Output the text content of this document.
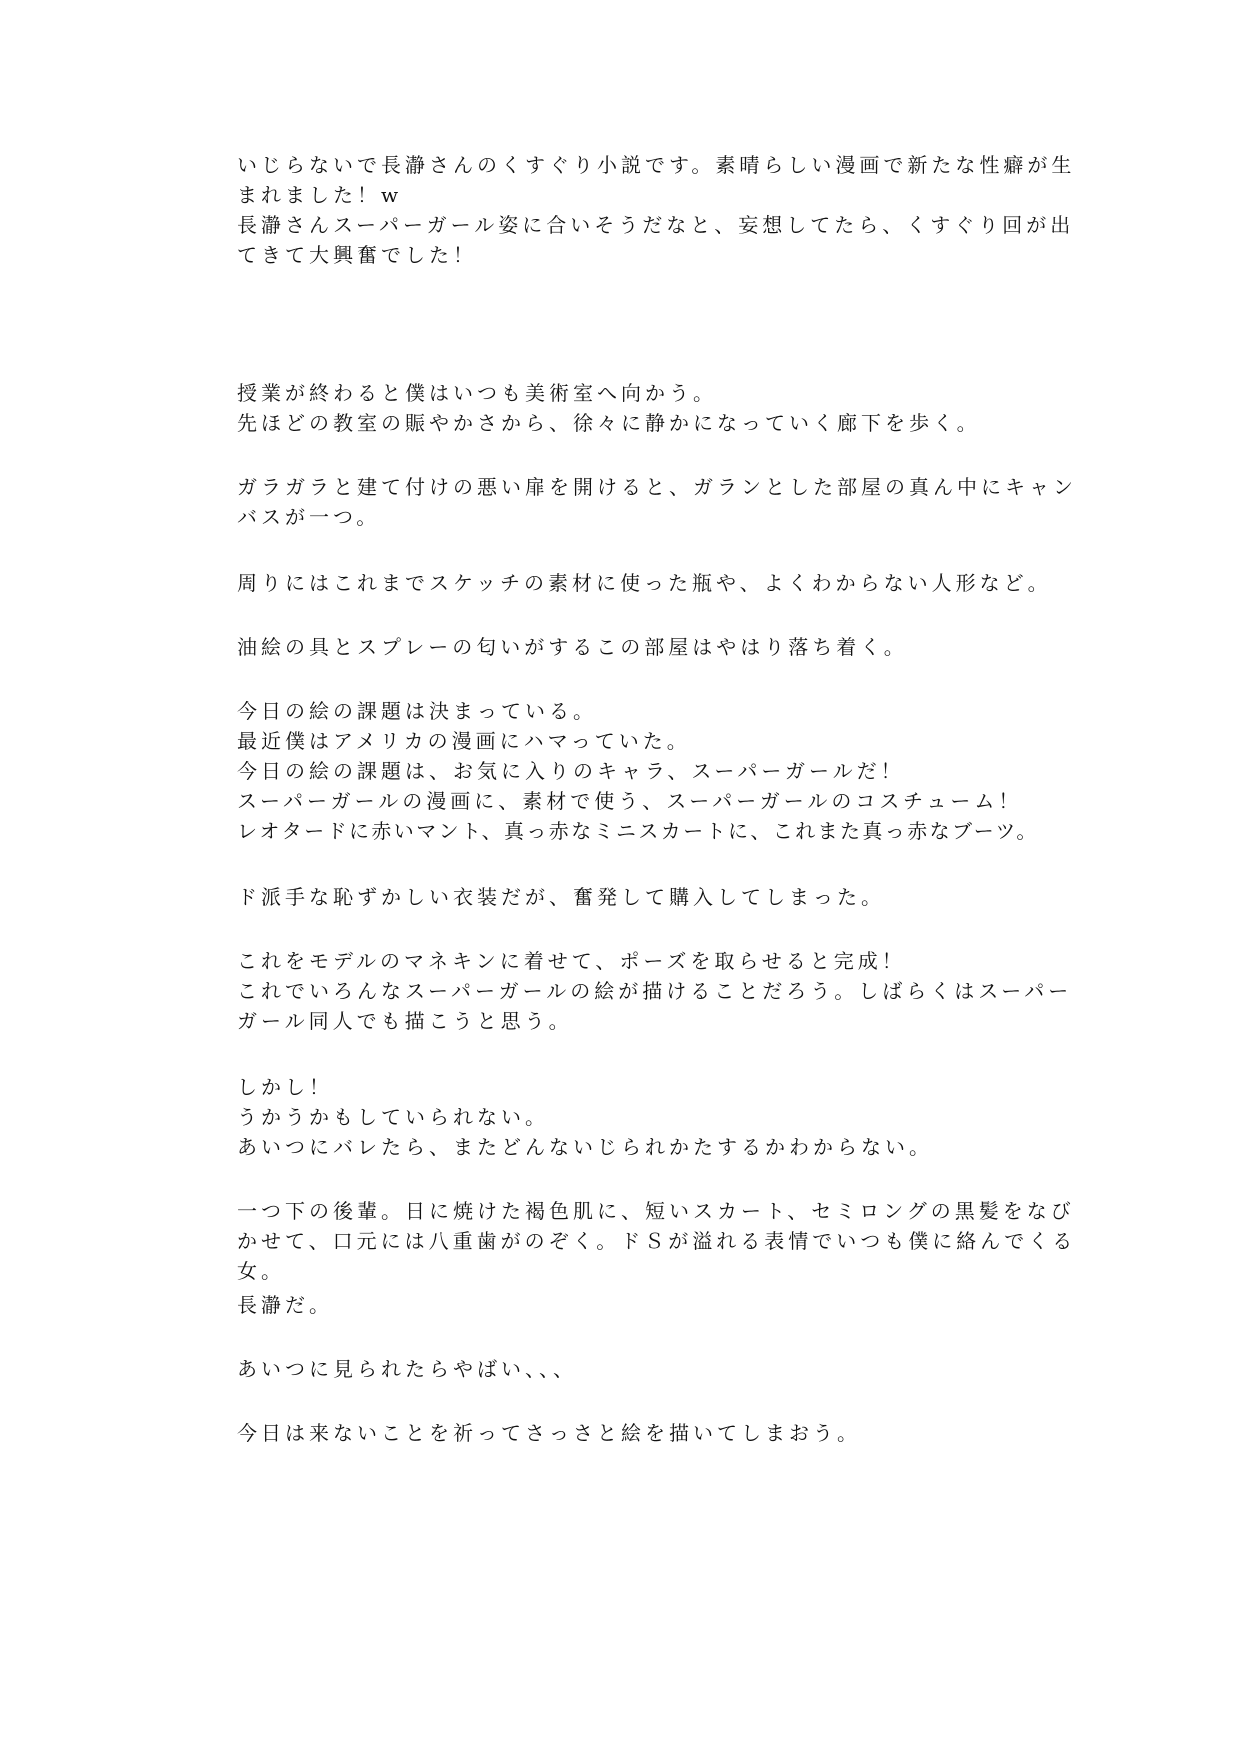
いじらないで長瀞さんのくすぐり小説です。素晴らしい漫画で新たな性癖が生
まれました！w
長瀞さんスーパーガール姿に合いそうだなと、妄想してたら、くすぐり回が出
てきて大興奮でした！
授業が終わると僕はいつも美術室へ向かう。
先ほどの教室の賑やかさから、徐々に静かになっていく廊下を歩く。
ガラガラと建て付けの悪い扉を開けると、ガランとした部屋の真ん中にキャン
バスが一つ。
周りにはこれまでスケッチの素材に使った瓶や、よくわからない人形など。
油絵の具とスプレーの匂いがするこの部屋はやはり落ち着く。
今日の絵の課題は決まっている。
最近僕はアメリカの漫画にハマっていた。
今日の絵の課題は、お気に入りのキャラ、スーパーガールだ！
スーパーガールの漫画に、素材で使う、スーパーガールのコスチューム！
レオタードに赤いマント、真っ赤なミニスカートに、これまた真っ赤なブーツ。
ド派手な恥ずかしい衣装だが、奮発して購入してしまった。
これをモデルのマネキンに着せて、ポーズを取らせると完成！
これでいろんなスーパーガールの絵が描けることだろう。しばらくはスーパー
ガール同人でも描こうと思う。
しかし！
うかうかもしていられない。
あいつにバレたら、またどんないじられかたするかわからない。
一つ下の後輩。日に焼けた褐色肌に、短いスカート、セミロングの黒髪をなび
かせて、口元には八重歯がのぞく。ドＳが溢れる表情でいつも僕に絡んでくる
女。
長瀞だ。
あいつに見られたらやばい、、、
今日は来ないことを祈ってさっさと絵を描いてしまおう。
